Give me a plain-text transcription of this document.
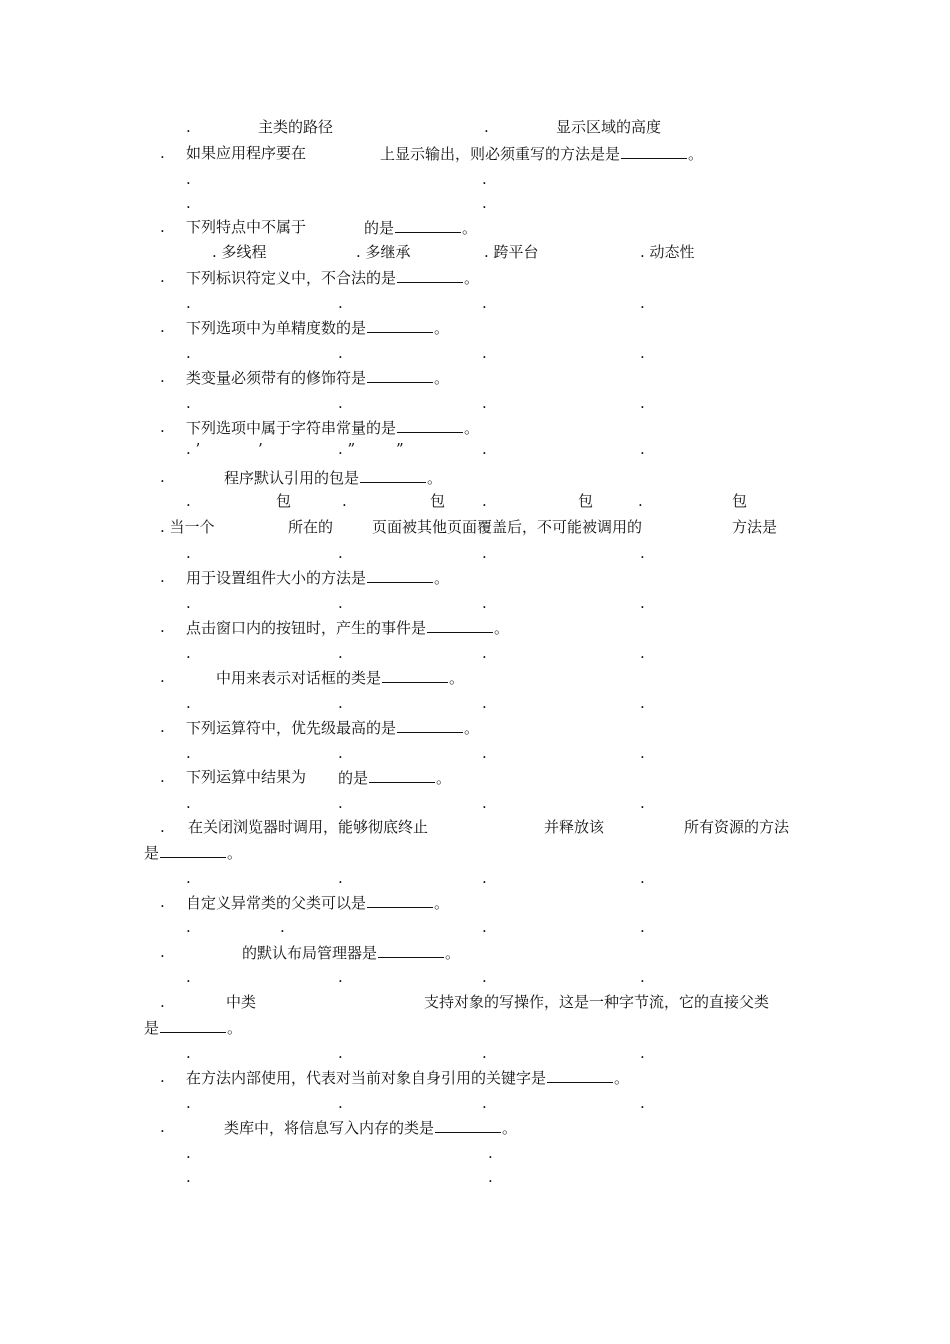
.	主类的路径	.	显示区域的高度
. 如果应用程序要在	上显示输出，则必须重写的方法是是	。
.	.
.	.
. 下列特点中不属于	的是	。
. 多线程	. 多继承	. 跨平台	. 动态性
. 下列标识符定义中，不合法的是	。
.	.	.	.
. 下列选项中为单精度数的是	。
.	.	.	.
. 类变量必须带有的修饰符是	。
.	.	.	.
. 下列选项中属于字符串常量的是	。
. ’	’	. ”	”	.	.
.	程序默认引用的包是	。
.	包	.	包 .	包	.	包
. 当一个	所在的	页面被其他页面覆盖后，不可能被调用的	方法是
.	.	.	.
. 用于设置组件大小的方法是	。
.	.	.	.
. 点击窗口内的按钮时，产生的事件是	。
.	.	.	.
.	中用来表示对话框的类是	。
.	.	.	.
. 下列运算符中，优先级最高的是	。
.	.	.	.
. 下列运算中结果为 的是	。
.	.	.	.
. 在关闭浏览器时调用，能够彻底终止	并释放该	所有资源的方法
是	。
.	.	.	.
. 自定义异常类的父类可以是	。
.	.	.	.
.	的默认布局管理器是	。
.	.	.	.
.	中类	支持对象的写操作，这是一种字节流，它的直接父类
是	。
.	.	.	.
. 在方法内部使用，代表对当前对象自身引用的关键字是	。
.	.	.	.
.	类库中，将信息写入内存的类是	。
.	.
.	.
